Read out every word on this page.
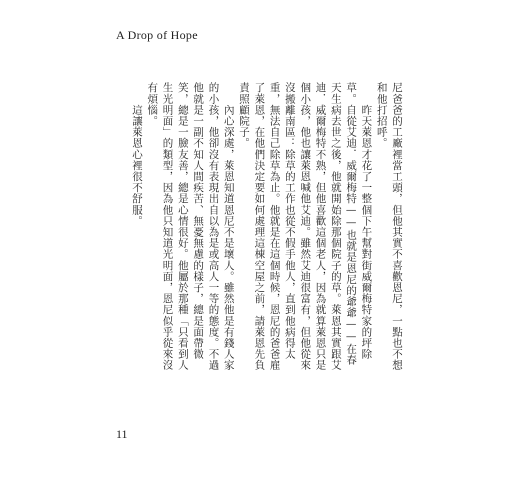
A Drop of Hope

尼爸爸的工廠裡當工頭，但他其實不喜歡恩尼，一點也不想和他打招呼。

　　昨天萊恩才花了一整個下午幫對街威爾梅特家的坪除草。自從艾迪．威爾梅特——也就是恩尼的爺爺——在春天生病去世之後，他就開始除那個院子的草。萊恩其實跟艾迪．威爾梅特不熟，但他喜歡這個老人，因為就算萊恩只是個小孩，他也讓萊恩喊他艾迪。雖然艾迪很富有，但他從來沒搬離南區：除草的工作也從不假手他人，直到他病得太重，無法自己除草為止。他就是在這個時候，恩尼的爸爸雇了萊恩，在他們決定要如何處理這棟空屋之前，請萊恩先負責照顧院子。

　　內心深處，萊恩知道恩尼不是壞人。雖然他是有錢人家的小孩，他卻沒有表現出自以為是或高人一等的態度。不過他就是一副不知人間疾苦、無憂無慮的樣子，總是面帶微笑，總是一臉友善，總是心情很好。他屬於那種「只看到人生光明面」的類型，因為他只知道光明面，恩尼似乎從來沒有煩惱。

　　這讓萊恩心裡很不舒服。

11
